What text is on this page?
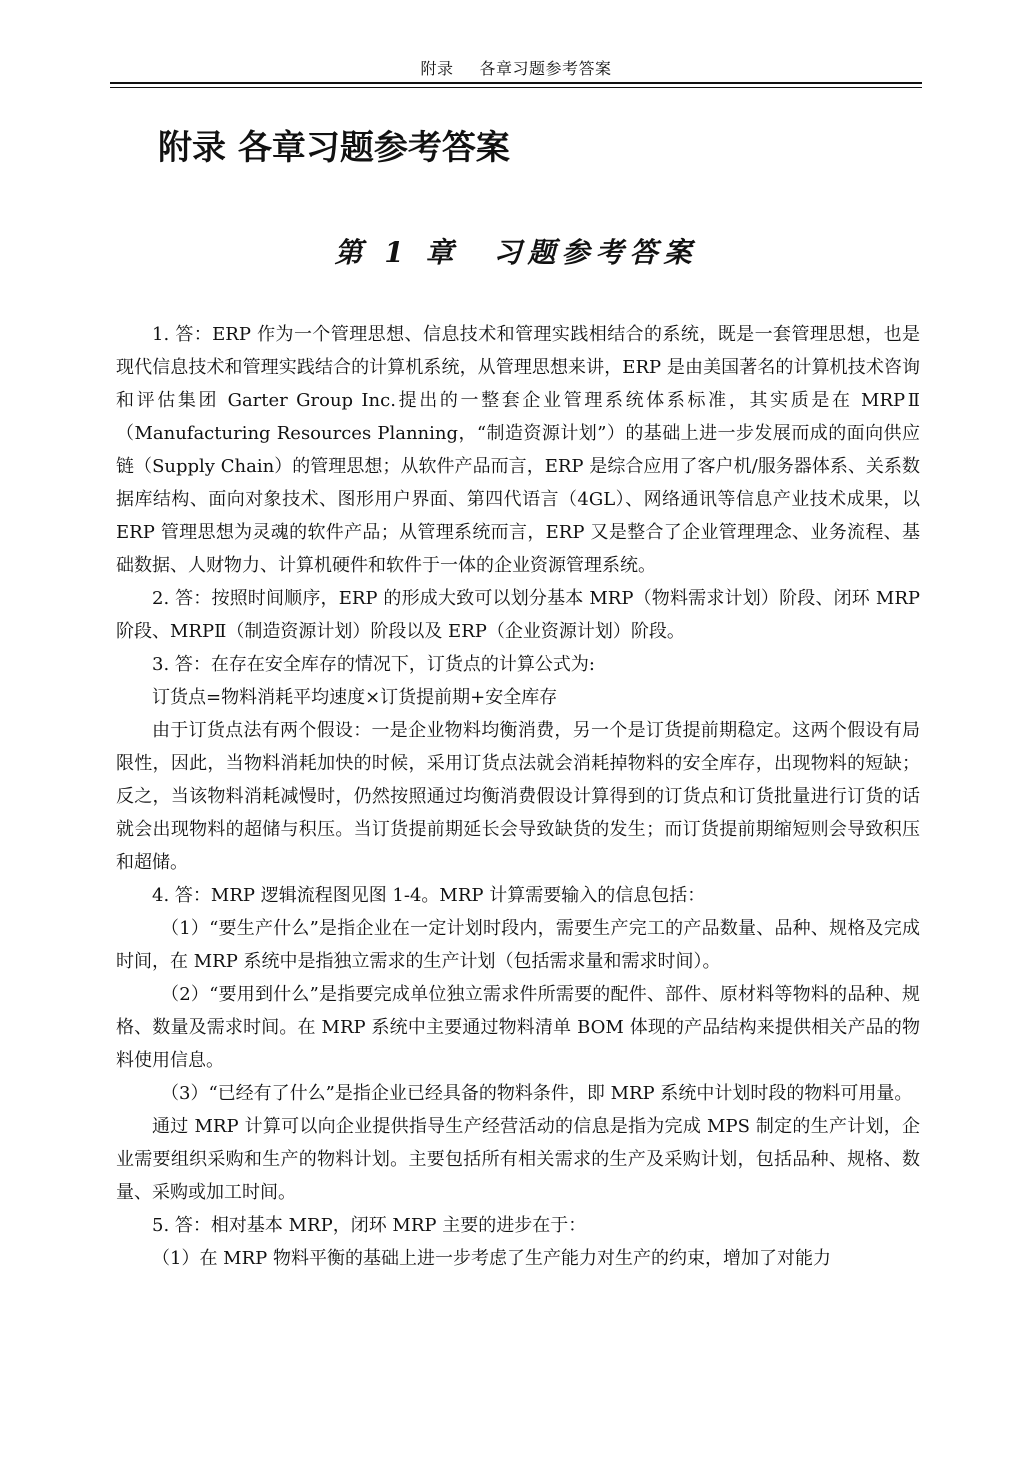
附录 各章习题参考答案
附录 各章习题参考答案
第 1 章　习题参考答案

1. 答：ERP 作为一个管理思想、信息技术和管理实践相结合的系统，既是一套管理思想，也是现代信息技术和管理实践结合的计算机系统，从管理思想来讲，ERP 是由美国著名的计算机技术咨询和评估集团 Garter Group Inc.提出的一整套企业管理系统体系标准，其实质是在 MRPⅡ（Manufacturing Resources Planning，“制造资源计划”）的基础上进一步发展而成的面向供应链（Supply Chain）的管理思想；从软件产品而言，ERP 是综合应用了客户机/服务器体系、关系数据库结构、面向对象技术、图形用户界面、第四代语言（4GL）、网络通讯等信息产业技术成果，以 ERP 管理思想为灵魂的软件产品；从管理系统而言，ERP 又是整合了企业管理理念、业务流程、基础数据、人财物力、计算机硬件和软件于一体的企业资源管理系统。

2. 答：按照时间顺序，ERP 的形成大致可以划分基本 MRP（物料需求计划）阶段、闭环 MRP 阶段、MRPⅡ（制造资源计划）阶段以及 ERP（企业资源计划）阶段。

3. 答：在存在安全库存的情况下，订货点的计算公式为:

订货点=物料消耗平均速度×订货提前期+安全库存

由于订货点法有两个假设：一是企业物料均衡消费，另一个是订货提前期稳定。这两个假设有局限性，因此，当物料消耗加快的时候，采用订货点法就会消耗掉物料的安全库存，出现物料的短缺；反之，当该物料消耗减慢时，仍然按照通过均衡消费假设计算得到的订货点和订货批量进行订货的话就会出现物料的超储与积压。当订货提前期延长会导致缺货的发生；而订货提前期缩短则会导致积压和超储。

4. 答：MRP 逻辑流程图见图 1-4。MRP 计算需要输入的信息包括：

（1）“要生产什么”是指企业在一定计划时段内，需要生产完工的产品数量、品种、规格及完成时间，在 MRP 系统中是指独立需求的生产计划（包括需求量和需求时间）。

（2）“要用到什么”是指要完成单位独立需求件所需要的配件、部件、原材料等物料的品种、规格、数量及需求时间。在 MRP 系统中主要通过物料清单 BOM 体现的产品结构来提供相关产品的物料使用信息。

（3）“已经有了什么”是指企业已经具备的物料条件，即 MRP 系统中计划时段的物料可用量。

通过 MRP 计算可以向企业提供指导生产经营活动的信息是指为完成 MPS 制定的生产计划，企业需要组织采购和生产的物料计划。主要包括所有相关需求的生产及采购计划，包括品种、规格、数量、采购或加工时间。

5. 答：相对基本 MRP，闭环 MRP 主要的进步在于：

（1）在 MRP 物料平衡的基础上进一步考虑了生产能力对生产的约束，增加了对能力
